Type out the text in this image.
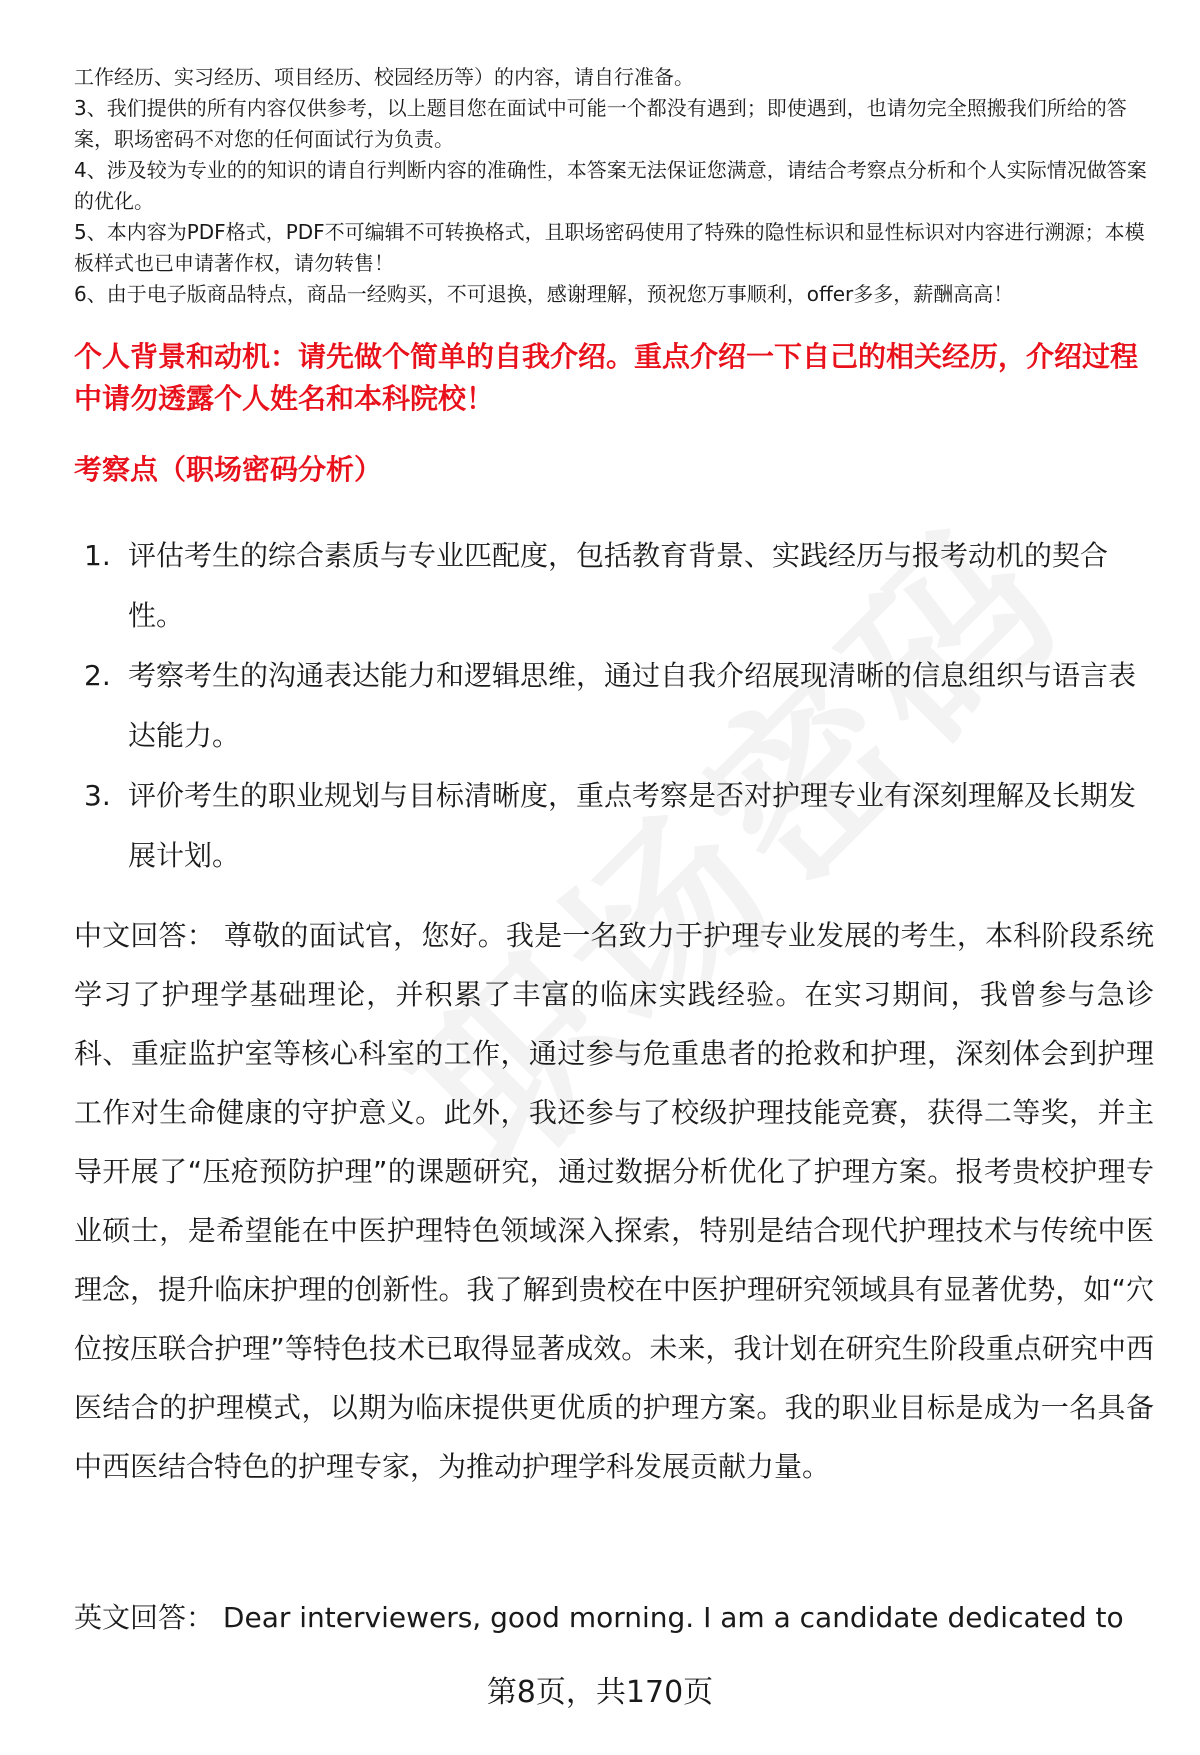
工作经历、实习经历、项目经历、校园经历等）的内容，请自行准备。

3、我们提供的所有内容仅供参考，以上题目您在面试中可能一个都没有遇到；即使遇到，也请勿完全照搬我们所给的答案，职场密码不对您的任何面试行为负责。

4、涉及较为专业的的知识的请自行判断内容的准确性，本答案无法保证您满意，请结合考察点分析和个人实际情况做答案的优化。

5、本内容为PDF格式，PDF不可编辑不可转换格式，且职场密码使用了特殊的隐性标识和显性标识对内容进行溯源；本模板样式也已申请著作权，请勿转售！

6、由于电子版商品特点，商品一经购买，不可退换，感谢理解，预祝您万事顺利，offer多多，薪酬高高！

个人背景和动机：请先做个简单的自我介绍。重点介绍一下自己的相关经历，介绍过程中请勿透露个人姓名和本科院校！
考察点（职场密码分析）
1. 评估考生的综合素质与专业匹配度，包括教育背景、实践经历与报考动机的契合性。
2. 考察考生的沟通表达能力和逻辑思维，通过自我介绍展现清晰的信息组织与语言表达能力。
3. 评价考生的职业规划与目标清晰度，重点考察是否对护理专业有深刻理解及长期发展计划。
中文回答： 尊敬的面试官，您好。我是一名致力于护理专业发展的考生，本科阶段系统学习了护理学基础理论，并积累了丰富的临床实践经验。在实习期间，我曾参与急诊科、重症监护室等核心科室的工作，通过参与危重患者的抢救和护理，深刻体会到护理工作对生命健康的守护意义。此外，我还参与了校级护理技能竞赛，获得二等奖，并主导开展了“压疮预防护理”的课题研究，通过数据分析优化了护理方案。报考贵校护理专业硕士，是希望能在中医护理特色领域深入探索，特别是结合现代护理技术与传统中医理念，提升临床护理的创新性。我了解到贵校在中医护理研究领域具有显著优势，如“穴位按压联合护理”等特色技术已取得显著成效。未来，我计划在研究生阶段重点研究中西医结合的护理模式，以期为临床提供更优质的护理方案。我的职业目标是成为一名具备中西医结合特色的护理专家，为推动护理学科发展贡献力量。
英文回答： Dear interviewers, good morning. I am a candidate dedicated to
第8页，共170页
